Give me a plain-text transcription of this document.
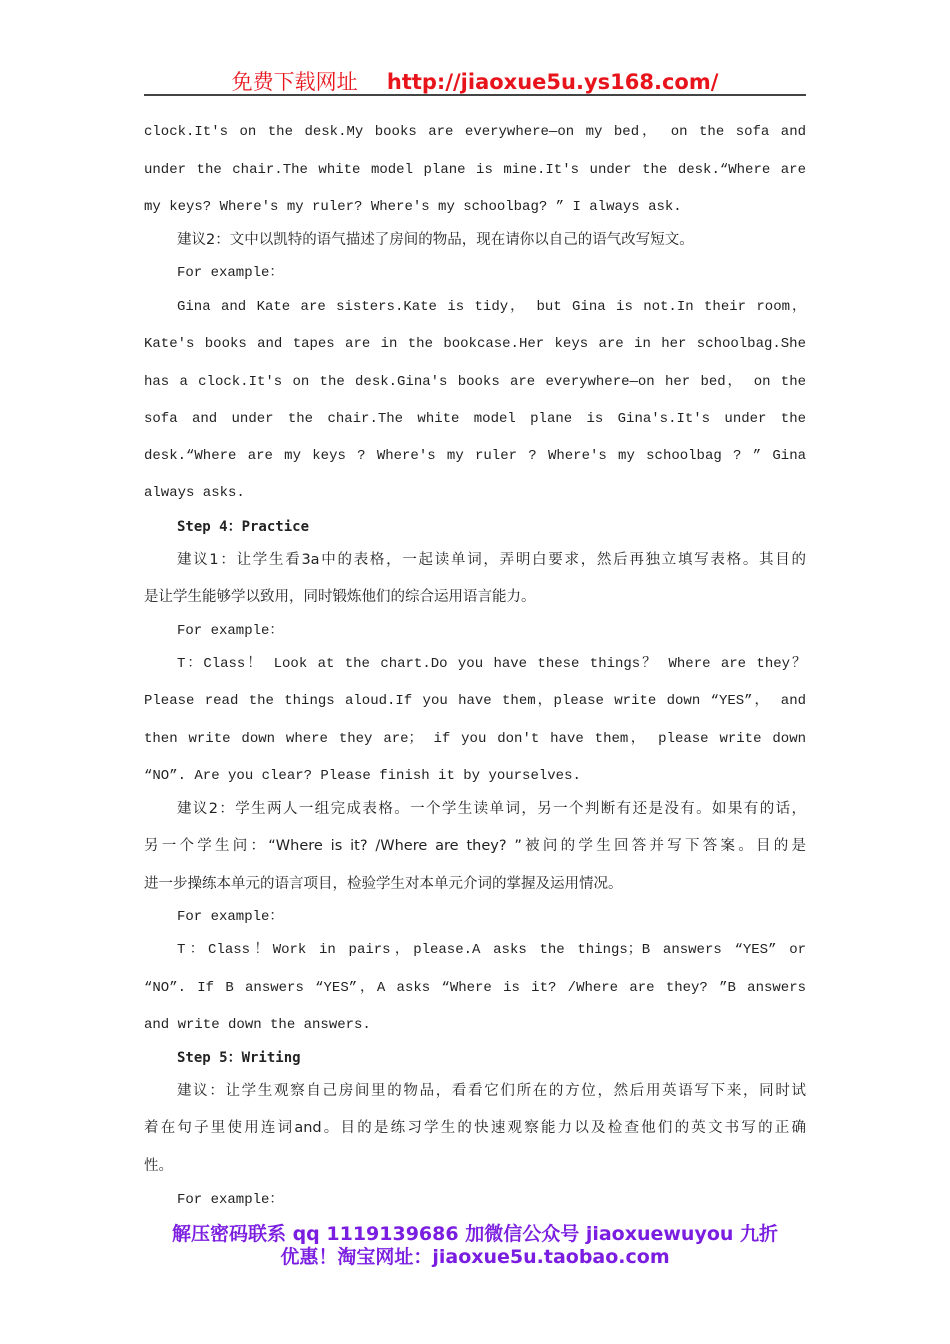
免费下载网址 http://jiaoxue5u.ys168.com/
clock.It's on the desk.My books are everywhere—on my bed， on the sofa and
under the chair.The white model plane is mine.It's under the desk.“Where are
my keys? Where's my ruler? Where's my schoolbag? ” I always ask.
建议2：文中以凯特的语气描述了房间的物品，现在请你以自己的语气改写短文。
For example：
Gina and Kate are sisters.Kate is tidy， but Gina is not.In their room，
Kate's books and tapes are in the bookcase.Her keys are in her schoolbag.She
has a clock.It's on the desk.Gina's books are everywhere—on her bed， on the
sofa and under the chair.The white model plane is Gina's.It's under the
desk.“Where are my keys ? Where's my ruler ? Where's my schoolbag ? ” Gina
always asks.
Step 4：Practice
建议1：让学生看3a中的表格，一起读单词，弄明白要求，然后再独立填写表格。其目的
是让学生能够学以致用，同时锻炼他们的综合运用语言能力。
For example：
T：Class！ Look at the chart.Do you have these things？ Where are they？
Please read the things aloud.If you have them，please write down “YES”， and
then write down where they are； if you don't have them， please write down
“NO”. Are you clear? Please finish it by yourselves.
建议2：学生两人一组完成表格。一个学生读单词，另一个判断有还是没有。如果有的话，
另一个学生问：“Where is it? /Where are they? ”被问的学生回答并写下答案。目的是
进一步操练本单元的语言项目，检验学生对本单元介词的掌握及运用情况。
For example：
T：Class！Work in pairs，please.A asks the things；B answers “YES” or
“NO”. If B answers “YES”，A asks “Where is it? /Where are they? ”B answers
and write down the answers.
Step 5：Writing
建议：让学生观察自己房间里的物品，看看它们所在的方位，然后用英语写下来，同时试
着在句子里使用连词and。目的是练习学生的快速观察能力以及检查他们的英文书写的正确
性。
For example：
解压密码联系 qq 1119139686 加微信公众号 jiaoxuewuyou 九折
优惠！淘宝网址：jiaoxue5u.taobao.com
